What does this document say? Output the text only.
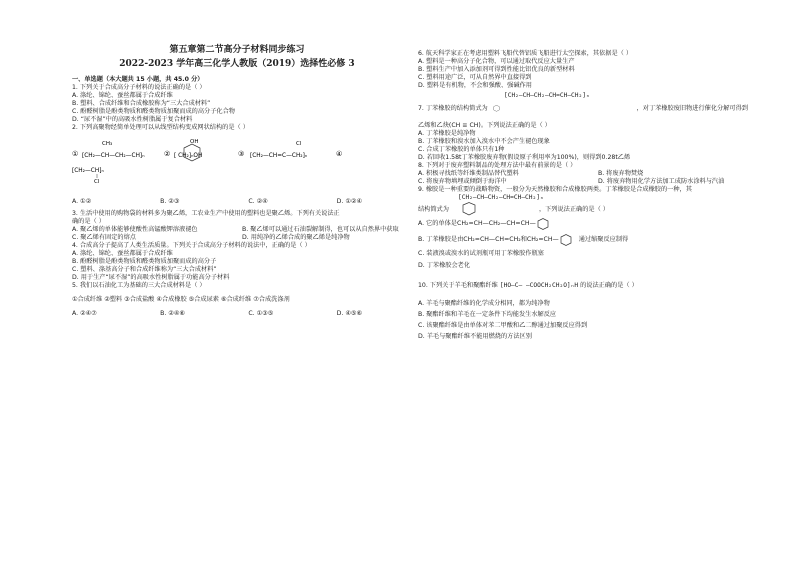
第五章第二节高分子材料同步练习
2022-2023 学年高三化学人教版（2019）选择性必修 3

一、单选题（本大题共 15 小题，共 45.0 分）

1. 下列关于合成高分子材料的说法正确的是（ ）

A. 涤纶、锦纶、蚕丝都属于合成纤维

B. 塑料、合成纤维和合成橡胶称为“三大合成材料”

C. 酚醛树脂是酚类物质和醛类物质加聚而成的高分子化合物

D. “尿不湿”中的高吸水性树脂属于复合材料

2. 下列高聚物经简单处理可以从线型结构变成网状结构的是（ ）

①
CH₃
[CH₂—CH—CH₂—CH]ₙ	②
OH
[ CH₂]ₙOH	③
Cl
[CH₂—CH=C—CH₂]ₙ	④
[CH₂—CH]ₙ
Cl
A. ①②	B. ②③	C. ②④	D. ①②④

3. 生活中使用的购物袋的材料多为聚乙烯，工农业生产中使用的塑料也是聚乙烯。下列有关说法正

确的是（ ）

A. 聚乙烯的单体能够使酸性高锰酸钾溶液褪色	B. 聚乙烯可以通过石油裂解制得，也可以从自然界中获取
C. 聚乙烯有固定的熔点	D. 用纯净的乙烯合成的聚乙烯是纯净物

4. 合成高分子提高了人类生活质量。下列关于合成高分子材料的说法中，正确的是（ ）

A. 涤纶、锦纶、蚕丝都属于合成纤维

B. 酚醛树脂是酚类物质和醛类物质加聚而成的高分子

C. 塑料、涤基高分子和合成纤维称为“三大合成材料”

D. 用于生产“尿不湿”的高吸水性树脂属于功能高分子材料

5. 我们以石油化工为基础的三大合成材料是（ ）

①合成纤维 ②塑料 ③合成盐酸 ④合成橡胶 ⑤合成尿素 ⑥合成纤维 ⑦合成洗涤剂

A. ②④⑦	B. ②④⑥	C. ①③⑤	D. ④⑤⑥

6. 航天科学家正在考虑用塑料飞船代替铝质飞船进行太空探索，其依据是（ ）

A. 塑料是一种高分子化合物，可以通过取代反应大量生产

B. 塑料生产中加入添加剂可得到性能比铝优良的新型材料

C. 塑料用途广泛，可从自然界中直接得到

D. 塑料是有机物，不会和强酸、强碱作用

[CH₂—CH—CH₂—CH=CH—CH₂]ₙ

7. 丁苯橡胶的结构简式为	，对丁苯橡胶废旧物进行催化分解可得到

乙烯和乙炔(CH ≡ CH)。下列说法正确的是（ ）

A. 丁苯橡胶是纯净物

B. 丁苯橡胶和溴水加入溴水中不会产生褪色现象

C. 合成丁苯橡胶的单体只有1种

D. 若回收1.58t丁苯橡胶废弃物(假设原子利用率为100%)，则得到0.28t乙烯

8. 下列对于废弃塑料制品的处理方法中最有前景的是（ ）

A. 积极寻找纸等纤维类制品替代塑料	B. 将废弃物焚烧
C. 将废弃物填埋或倾倒于海洋中	D. 将废弃物用化学方法加工成防水涂料与汽油

9. 橡胶是一种重要的战略物资，一般分为天然橡胶和合成橡胶两类。丁苯橡胶是合成橡胶的一种，其

[CH₂—CH—CH₂—CH=CH—CH₂]ₙ

结构简式为	，下列说法正确的是（ ）
A. 它的单体是CH₂=CH—CH₂—CH=CH—
B. 丁苯橡胶是由CH₂=CH—CH=CH₂和CH₂=CH—	通过缩聚反应制得

C. 装液溴或溴水的试剂瓶可用丁苯橡胶作瓶塞

D. 丁苯橡胶会老化

10. 下列关于羊毛和聚酯纤维 [HO—C— —COOCH₂CH₂O]ₙH 的说法正确的是（ ）

A. 羊毛与聚酯纤维的化学成分相同，都为纯净物

B. 聚酯纤维和羊毛在一定条件下均能发生水解反应

C. 该聚酯纤维是由单体对苯二甲酸和乙二醇通过加聚反应得到

D. 羊毛与聚酯纤维不能用燃烧的方法区别
